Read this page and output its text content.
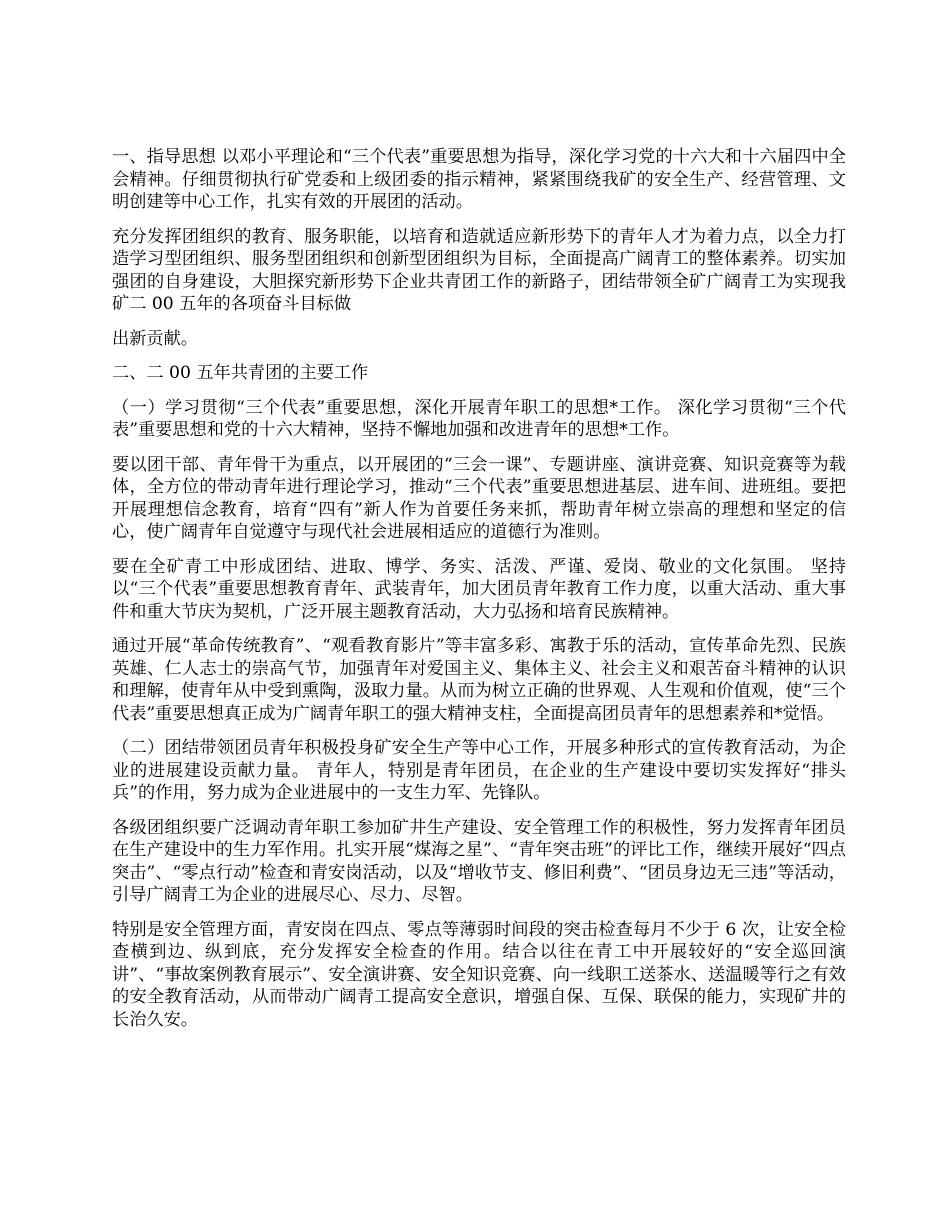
一、指导思想 以邓小平理论和“三个代表”重要思想为指导，深化学习党的十六大和十六届四中全会精神。仔细贯彻执行矿党委和上级团委的指示精神，紧紧围绕我矿的安全生产、经营管理、文明创建等中心工作，扎实有效的开展团的活动。

充分发挥团组织的教育、服务职能，以培育和造就适应新形势下的青年人才为着力点，以全力打造学习型团组织、服务型团组织和创新型团组织为目标，全面提高广阔青工的整体素养。切实加强团的自身建设，大胆探究新形势下企业共青团工作的新路子，团结带领全矿广阔青工为实现我矿二 00 五年的各项奋斗目标做

出新贡献。

二、二 00 五年共青团的主要工作

（一）学习贯彻“三个代表”重要思想，深化开展青年职工的思想*工作。 深化学习贯彻“三个代表”重要思想和党的十六大精神，坚持不懈地加强和改进青年的思想*工作。

要以团干部、青年骨干为重点，以开展团的“三会一课”、专题讲座、演讲竞赛、知识竞赛等为载体，全方位的带动青年进行理论学习，推动“三个代表”重要思想进基层、进车间、进班组。要把开展理想信念教育，培育“四有”新人作为首要任务来抓，帮助青年树立崇高的理想和坚定的信心，使广阔青年自觉遵守与现代社会进展相适应的道德行为准则。

要在全矿青工中形成团结、进取、博学、务实、活泼、严谨、爱岗、敬业的文化氛围。 坚持以“三个代表”重要思想教育青年、武装青年，加大团员青年教育工作力度，以重大活动、重大事件和重大节庆为契机，广泛开展主题教育活动，大力弘扬和培育民族精神。

通过开展“革命传统教育”、“观看教育影片”等丰富多彩、寓教于乐的活动，宣传革命先烈、民族英雄、仁人志士的崇高气节，加强青年对爱国主义、集体主义、社会主义和艰苦奋斗精神的认识和理解，使青年从中受到熏陶，汲取力量。从而为树立正确的世界观、人生观和价值观，使“三个代表”重要思想真正成为广阔青年职工的强大精神支柱，全面提高团员青年的思想素养和*觉悟。

（二）团结带领团员青年积极投身矿安全生产等中心工作，开展多种形式的宣传教育活动，为企业的进展建设贡献力量。 青年人，特别是青年团员，在企业的生产建设中要切实发挥好“排头兵”的作用，努力成为企业进展中的一支生力军、先锋队。

各级团组织要广泛调动青年职工参加矿井生产建设、安全管理工作的积极性，努力发挥青年团员在生产建设中的生力军作用。扎实开展“煤海之星”、“青年突击班”的评比工作，继续开展好“四点突击”、“零点行动”检查和青安岗活动，以及“增收节支、修旧利费”、“团员身边无三违”等活动，引导广阔青工为企业的进展尽心、尽力、尽智。

特别是安全管理方面，青安岗在四点、零点等薄弱时间段的突击检查每月不少于 6 次，让安全检查横到边、纵到底，充分发挥安全检查的作用。结合以往在青工中开展较好的“安全巡回演讲”、“事故案例教育展示”、安全演讲赛、安全知识竞赛、向一线职工送茶水、送温暖等行之有效的安全教育活动，从而带动广阔青工提高安全意识，增强自保、互保、联保的能力，实现矿井的长治久安。
